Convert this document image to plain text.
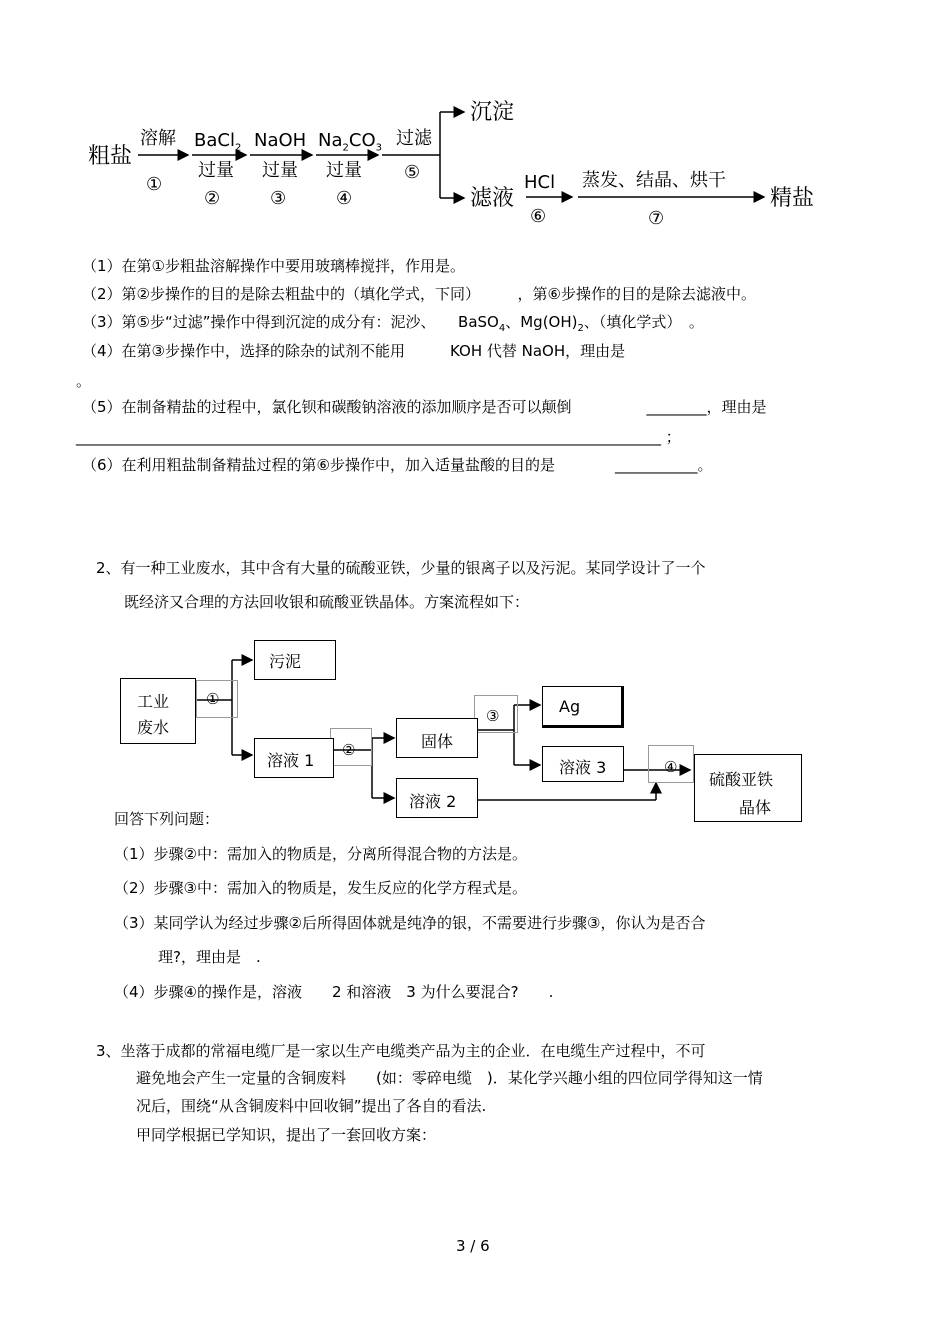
粗盐
溶解
①
BaCl$_2$
过量
②
NaOH
过量
③
$Na_2CO_3$
过量
④
过滤
⑤
沉淀
滤液
HCl
⑥
蒸发、结晶、烘干
⑦
精盐
（1）在第①步粗盐溶解操作中要用玻璃棒搅拌，作用是。
（2）第②步操作的目的是除去粗盐中的（填化学式，下同）　　　，第⑥步操作的目的是除去滤液中。
（3）第⑤步“过滤”操作中得到沉淀的成分有：泥沙、　　BaSO$_4$、$Mg(OH)_2$、（填化学式）　。
（4）在第③步操作中，选择的除杂的试剂不能用　　　KOH 代替 NaOH，理由是
。
（5）在制备精盐的过程中，氯化钡和碳酸钠溶液的添加顺序是否可以颠倒　　　　　________，理由是
______________________________________________________________________________ ；
（6）在利用粗盐制备精盐过程的第⑥步操作中，加入适量盐酸的目的是　　　　___________。
2、有一种工业废水，其中含有大量的硫酸亚铁，少量的银离子以及污泥。某同学设计了一个
既经济又合理的方法回收银和硫酸亚铁晶体。方案流程如下：
工业
废水
①
污泥
溶液 1
②	固体
③
溶液 2
Ag
溶液 3	④
硫酸亚铁
晶体
回答下列问题：
（1）步骤②中：需加入的物质是，分离所得混合物的方法是。
（2）步骤③中：需加入的物质是，发生反应的化学方程式是。
（3）某同学认为经过步骤②后所得固体就是纯净的银，不需要进行步骤③，你认为是否合
理?，理由是　.
（4）步骤④的操作是，溶液　　2 和溶液　3 为什么要混合?　　.
3、坐落于成都的常福电缆厂是一家以生产电缆类产品为主的企业．在电缆生产过程中，不可
避免地会产生一定量的含铜废料　　(如：零碎电缆　)．某化学兴趣小组的四位同学得知这一情
况后，围绕“从含铜废料中回收铜”提出了各自的看法.
甲同学根据已学知识，提出了一套回收方案：
3 / 6
